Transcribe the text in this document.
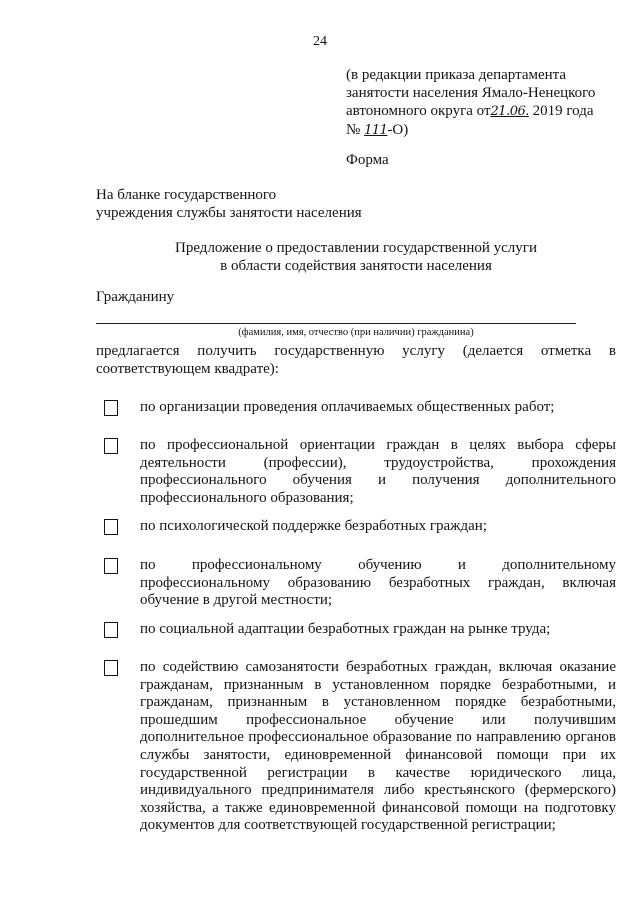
24
(в редакции приказа департамента
занятости населения Ямало-Ненецкого
автономного округа от21.06. 2019 года
№ 111-О)
Форма
На бланке государственного
учреждения службы занятости населения
Предложение о предоставлении государственной услуги
в области содействия занятости населения
Гражданину
(фамилия, имя, отчество (при наличии) гражданина)
предлагается получить государственную услугу (делается отметка в соответствующем квадрате):
по организации проведения оплачиваемых общественных работ;
по профессиональной ориентации граждан в целях выбора сферы деятельности (профессии), трудоустройства, прохождения профессионального обучения и получения дополнительного профессионального образования;
по психологической поддержке безработных граждан;
по профессиональному обучению и дополнительному профессиональному образованию безработных граждан, включая обучение в другой местности;
по социальной адаптации безработных граждан на рынке труда;
по содействию самозанятости безработных граждан, включая оказание гражданам, признанным в установленном порядке безработными, и гражданам, признанным в установленном порядке безработными, прошедшим профессиональное обучение или получившим дополнительное профессиональное образование по направлению органов службы занятости, единовременной финансовой помощи при их государственной регистрации в качестве юридического лица, индивидуального предпринимателя либо крестьянского (фермерского) хозяйства, а также единовременной финансовой помощи на подготовку документов для соответствующей государственной регистрации;
